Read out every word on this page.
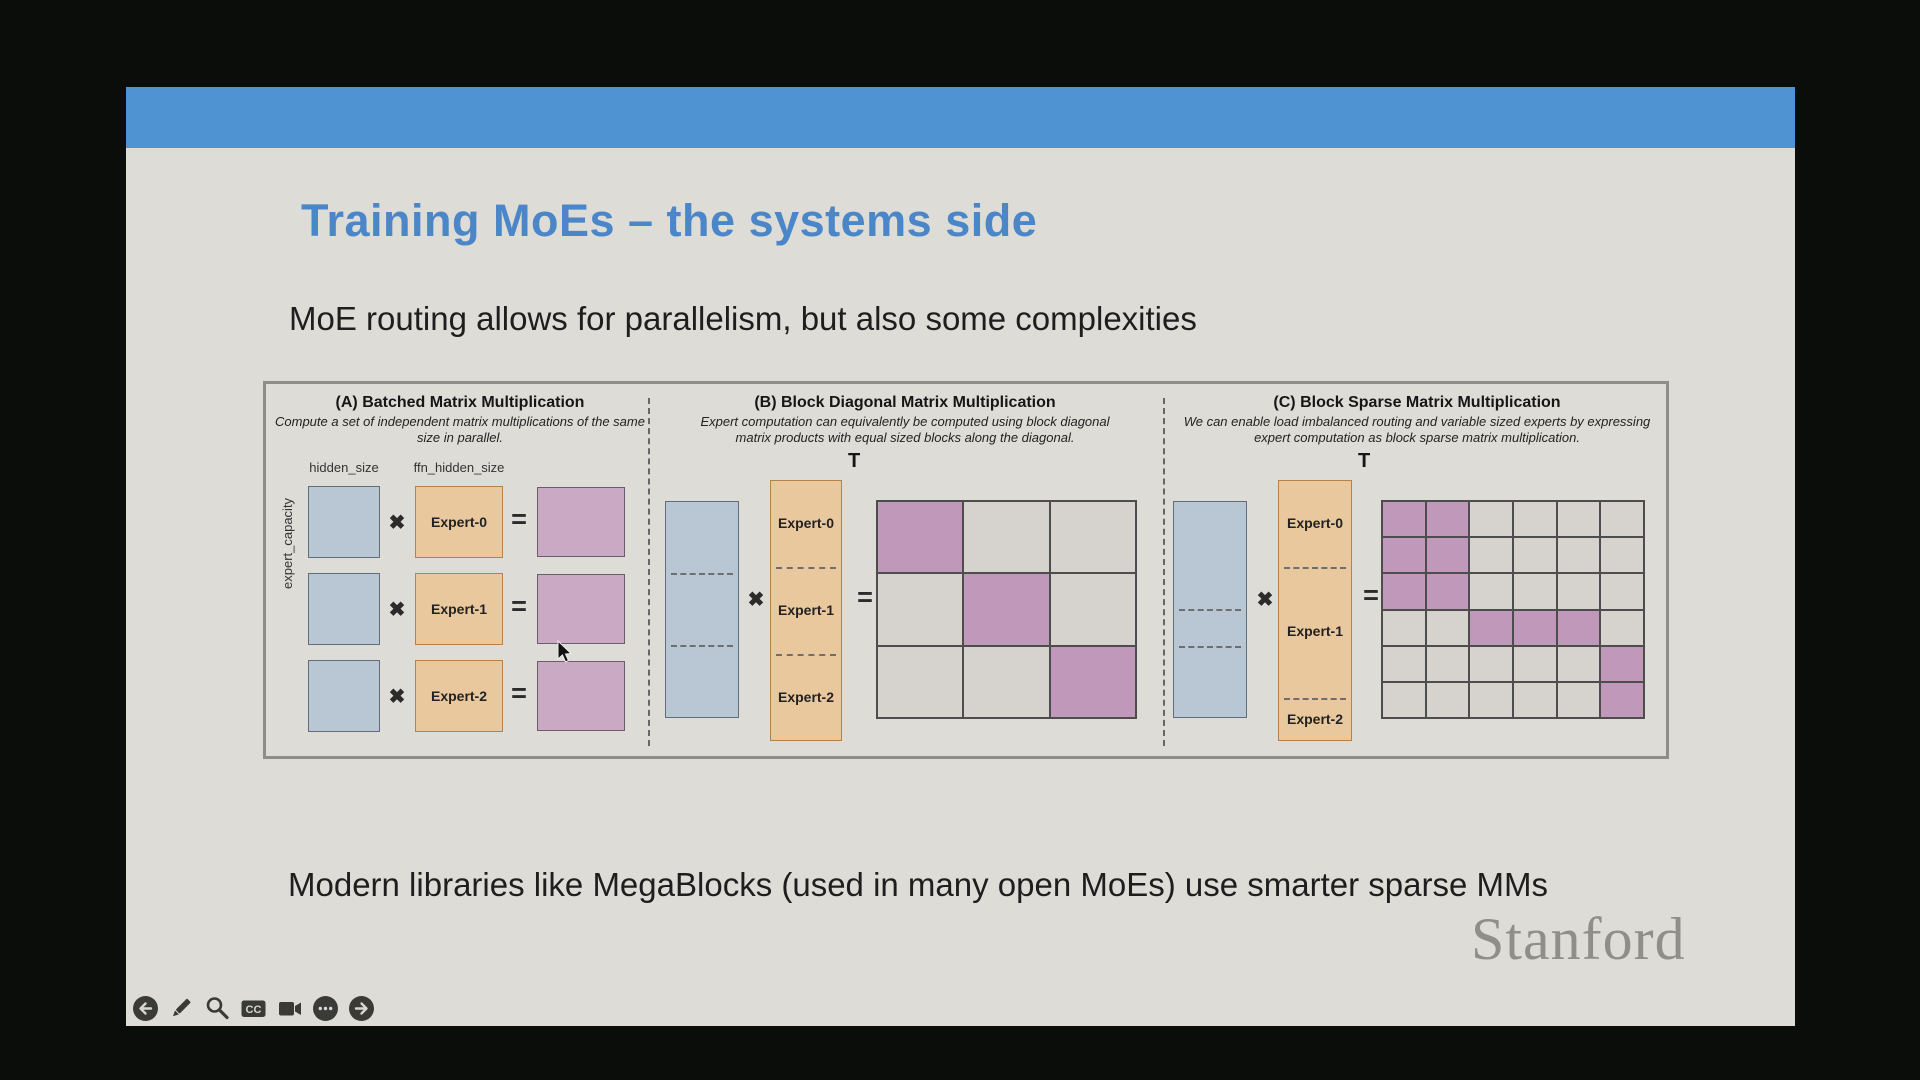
Training MoEs – the systems side

MoE routing allows for parallelism, but also some complexities

(A) Batched Matrix Multiplication
Compute a set of independent matrix multiplications of the same size in parallel.
hidden_size	ffn_hidden_size
expert_capacity	✖	Expert-0 =
✖	Expert-1 =
✖	Expert-2 =
(B) Block Diagonal Matrix Multiplication
Expert computation can equivalently be computed using block diagonal matrix products with equal sized blocks along the diagonal.
✖
Expert-0
Expert-1
Expert-2
T
=
(C) Block Sparse Matrix Multiplication
We can enable load imbalanced routing and variable sized experts by expressing expert computation as block sparse matrix multiplication.
✖
Expert-0
Expert-1
Expert-2
T
=

Modern libraries like MegaBlocks (used in many open MoEs) use smarter sparse MMs

Stanford
CC
